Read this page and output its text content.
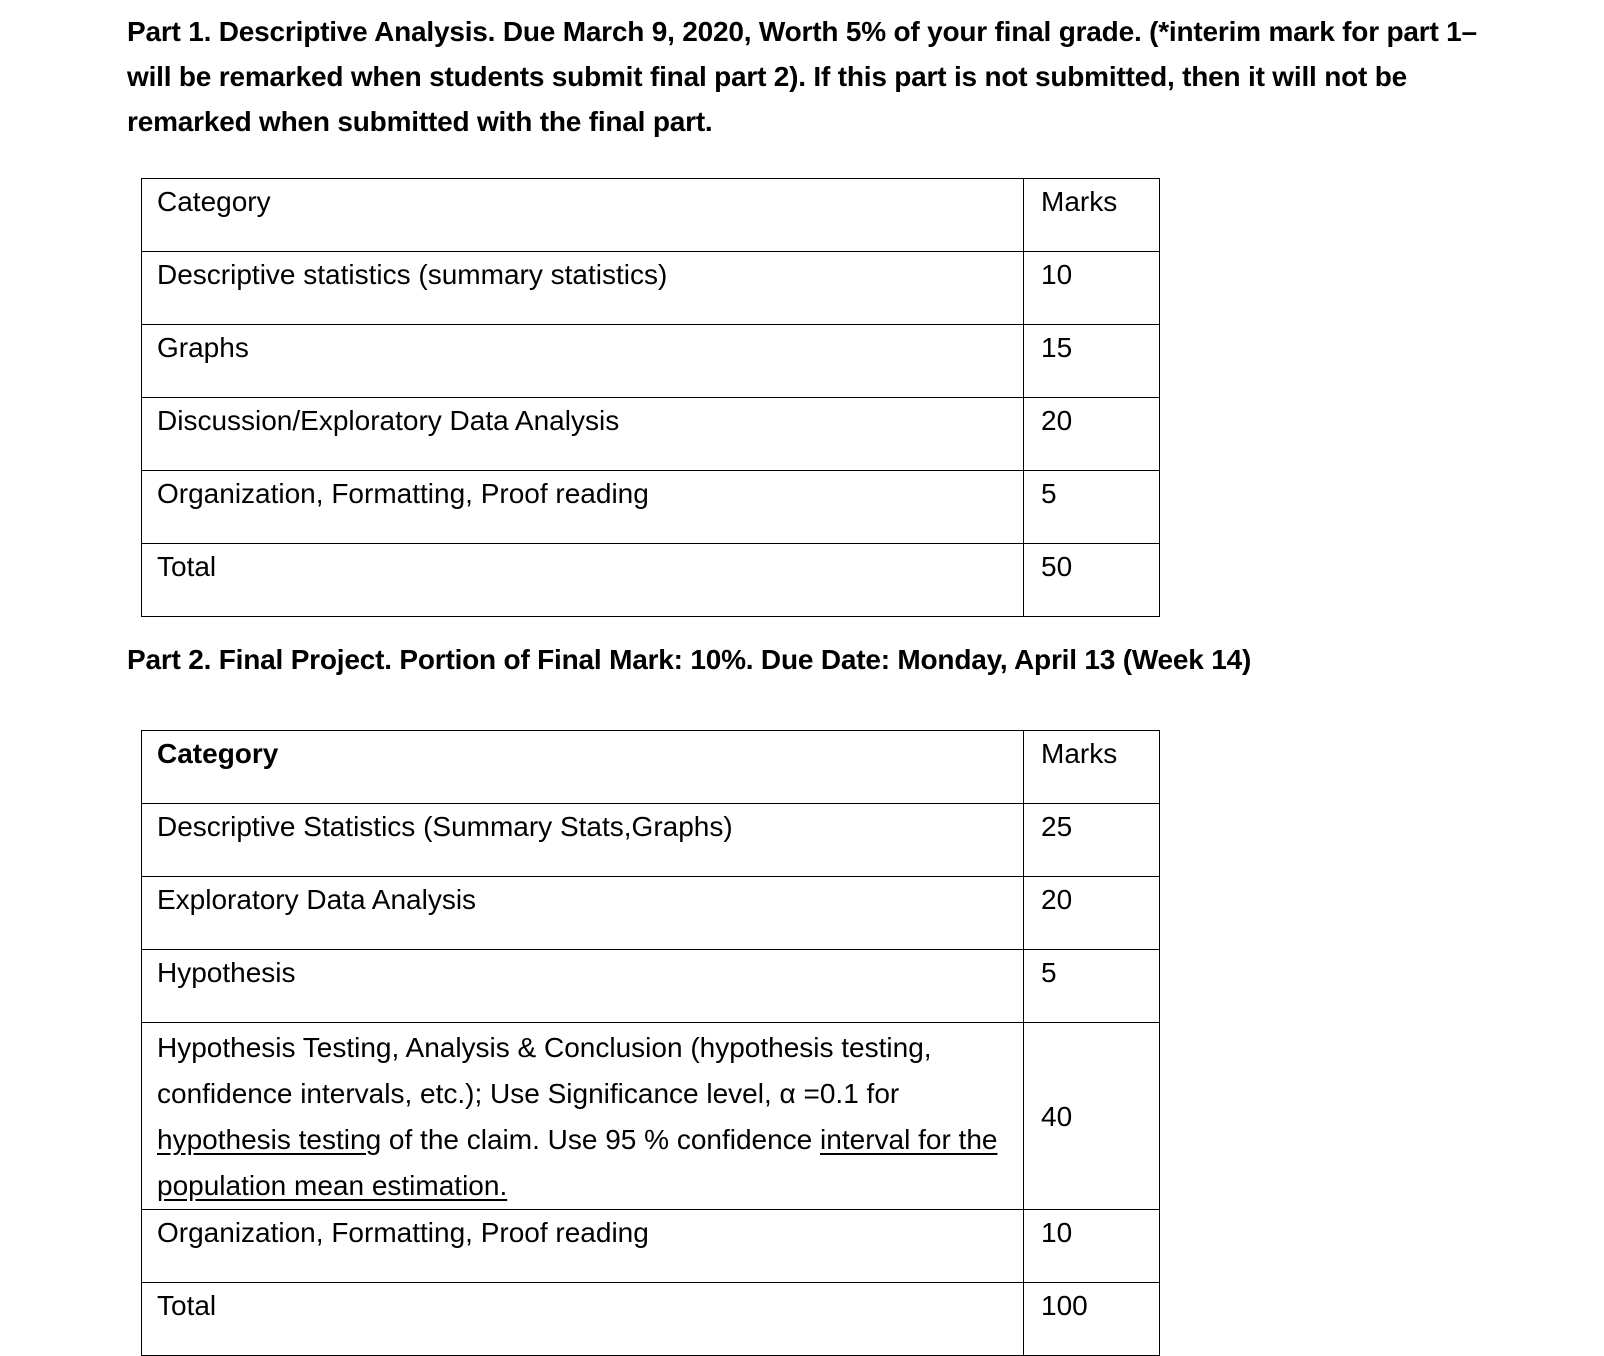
Part 1. Descriptive Analysis. Due March 9, 2020, Worth 5% of your final grade. (*interim mark for part 1– will be remarked when students submit final part 2). If this part is not submitted, then it will not be remarked when submitted with the final part.

Category	Marks
Descriptive statistics (summary statistics)	10
Graphs	15
Discussion/Exploratory Data Analysis	20
Organization, Formatting, Proof reading	5
Total	50

Part 2. Final Project. Portion of Final Mark: 10%. Due Date: Monday, April 13 (Week 14)

Category	Marks
Descriptive Statistics (Summary Stats,Graphs)	25
Exploratory Data Analysis	20
Hypothesis	5
Hypothesis Testing, Analysis & Conclusion (hypothesis testing, confidence intervals, etc.); Use Significance level, α =0.1 for hypothesis testing of the claim. Use 95 % confidence interval for the population mean estimation.	40
Organization, Formatting, Proof reading	10
Total	100
